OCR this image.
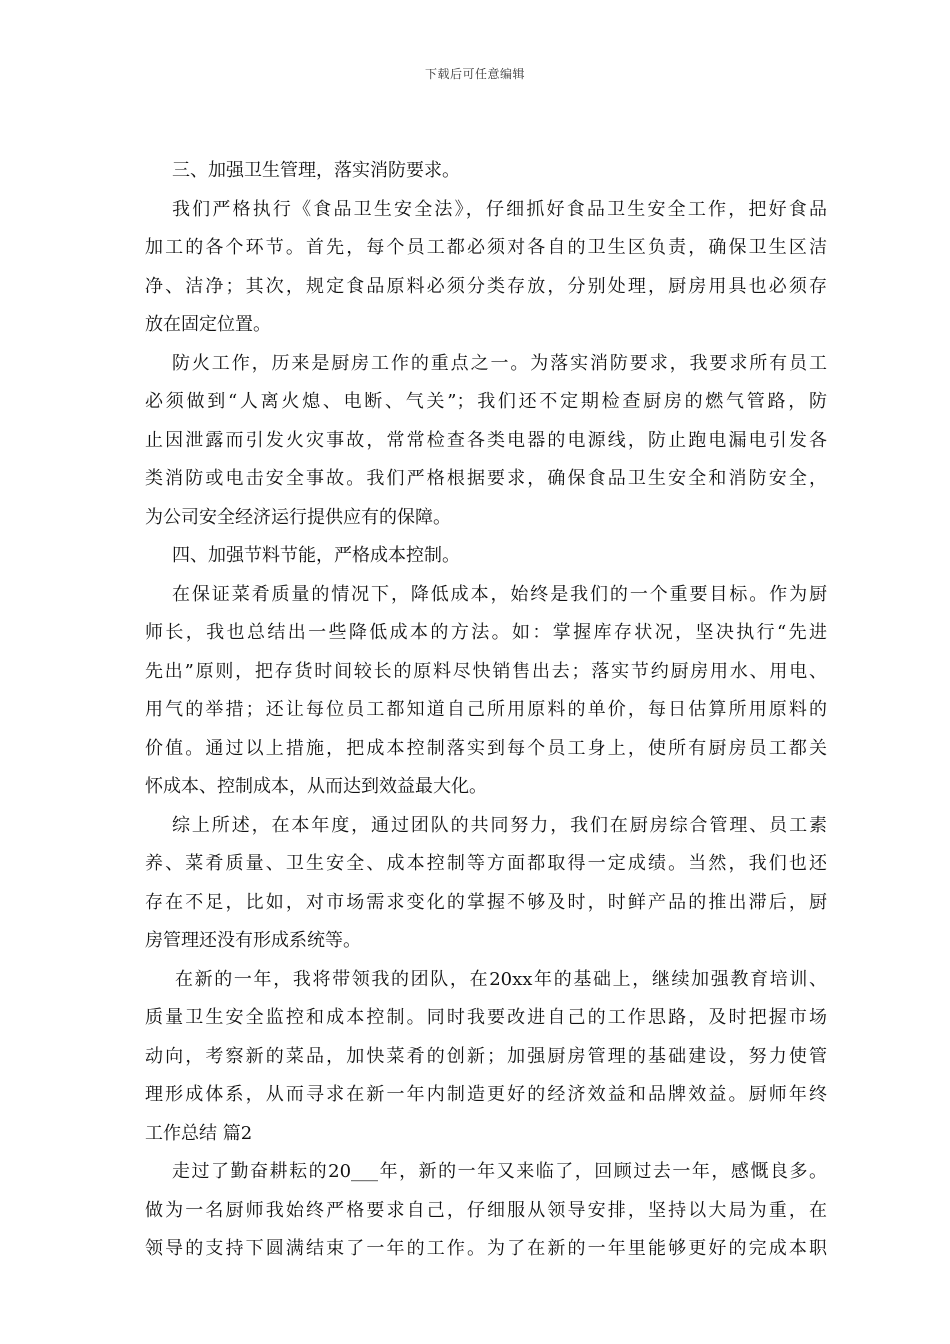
下载后可任意编辑
三、加强卫生管理，落实消防要求。
我们严格执行《食品卫生安全法》，仔细抓好食品卫生安全工作，把好食品
加工的各个环节。首先，每个员工都必须对各自的卫生区负责，确保卫生区洁
净、洁净；其次，规定食品原料必须分类存放，分别处理，厨房用具也必须存
放在固定位置。
防火工作，历来是厨房工作的重点之一。为落实消防要求，我要求所有员工
必须做到“人离火熄、电断、气关”；我们还不定期检查厨房的燃气管路，防
止因泄露而引发火灾事故，常常检查各类电器的电源线，防止跑电漏电引发各
类消防或电击安全事故。我们严格根据要求，确保食品卫生安全和消防安全，
为公司安全经济运行提供应有的保障。
四、加强节料节能，严格成本控制。
在保证菜肴质量的情况下，降低成本，始终是我们的一个重要目标。作为厨
师长，我也总结出一些降低成本的方法。如：掌握库存状况，坚决执行“先进
先出”原则，把存货时间较长的原料尽快销售出去；落实节约厨房用水、用电、
用气的举措；还让每位员工都知道自己所用原料的单价，每日估算所用原料的
价值。通过以上措施，把成本控制落实到每个员工身上，使所有厨房员工都关
怀成本、控制成本，从而达到效益最大化。
综上所述，在本年度，通过团队的共同努力，我们在厨房综合管理、员工素
养、菜肴质量、卫生安全、成本控制等方面都取得一定成绩。当然，我们也还
存在不足，比如，对市场需求变化的掌握不够及时，时鲜产品的推出滞后，厨
房管理还没有形成系统等。
在新的一年，我将带领我的团队，在20xx年的基础上，继续加强教育培训、
质量卫生安全监控和成本控制。同时我要改进自己的工作思路，及时把握市场
动向，考察新的菜品，加快菜肴的创新；加强厨房管理的基础建设，努力使管
理形成体系，从而寻求在新一年内制造更好的经济效益和品牌效益。厨师年终
工作总结 篇2
走过了勤奋耕耘的20___年，新的一年又来临了，回顾过去一年，感慨良多。
做为一名厨师我始终严格要求自己，仔细服从领导安排，坚持以大局为重，在
领导的支持下圆满结束了一年的工作。为了在新的一年里能够更好的完成本职
